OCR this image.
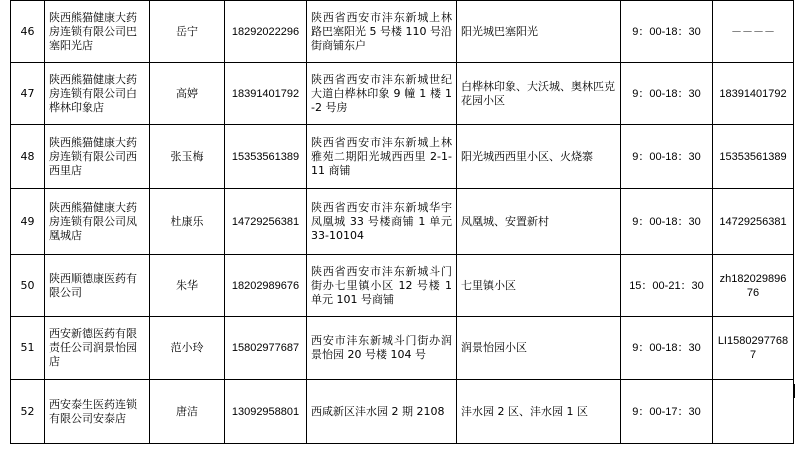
46	陕西熊猫健康大药房连锁有限公司巴塞阳光店	岳宁	18292022296	陕西省西安市沣东新城上林路巴塞阳光 5 号楼 110 号沿街商铺东户	阳光城巴塞阳光	9：00-18：30	－－－－
47	陕西熊猫健康大药房连锁有限公司白桦林印象店	高婷	18391401792	陕西省西安市沣东新城世纪大道白桦林印象 9 幢 1 楼 1-2 号房	白桦林印象、大沃城、奥林匹克花园小区	9：00-18：30	18391401792
48	陕西熊猫健康大药房连锁有限公司西西里店	张玉梅	15353561389	陕西省西安市沣东新城上林雅苑二期阳光城西西里 2-1-11 商铺	阳光城西西里小区、火烧寨	9：00-18：30	15353561389
49	陕西熊猫健康大药房连锁有限公司凤凰城店	杜康乐	14729256381	陕西省西安市沣东新城华宇凤凰城 33 号楼商铺 1 单元 33-10104	凤凰城、安置新村	9：00-18：30	14729256381
50	陕西顺德康医药有限公司	朱华	18202989676	陕西省西安市沣东新城斗门街办七里镇小区 12 号楼 1 单元 101 号商铺	七里镇小区	15：00-21：30	zh18202989676
51	西安新德医药有限责任公司润景怡园店	范小玲	15802977687	西安市沣东新城斗门街办润景怡园 20 号楼 104 号	润景怡园小区	9：00-18：30	LI15802977687
52	西安泰生医药连锁有限公司安泰店	唐洁	13092958801	西咸新区沣水园 2 期 2108	沣水园 2 区、沣水园 1 区	9：00-17：30	
